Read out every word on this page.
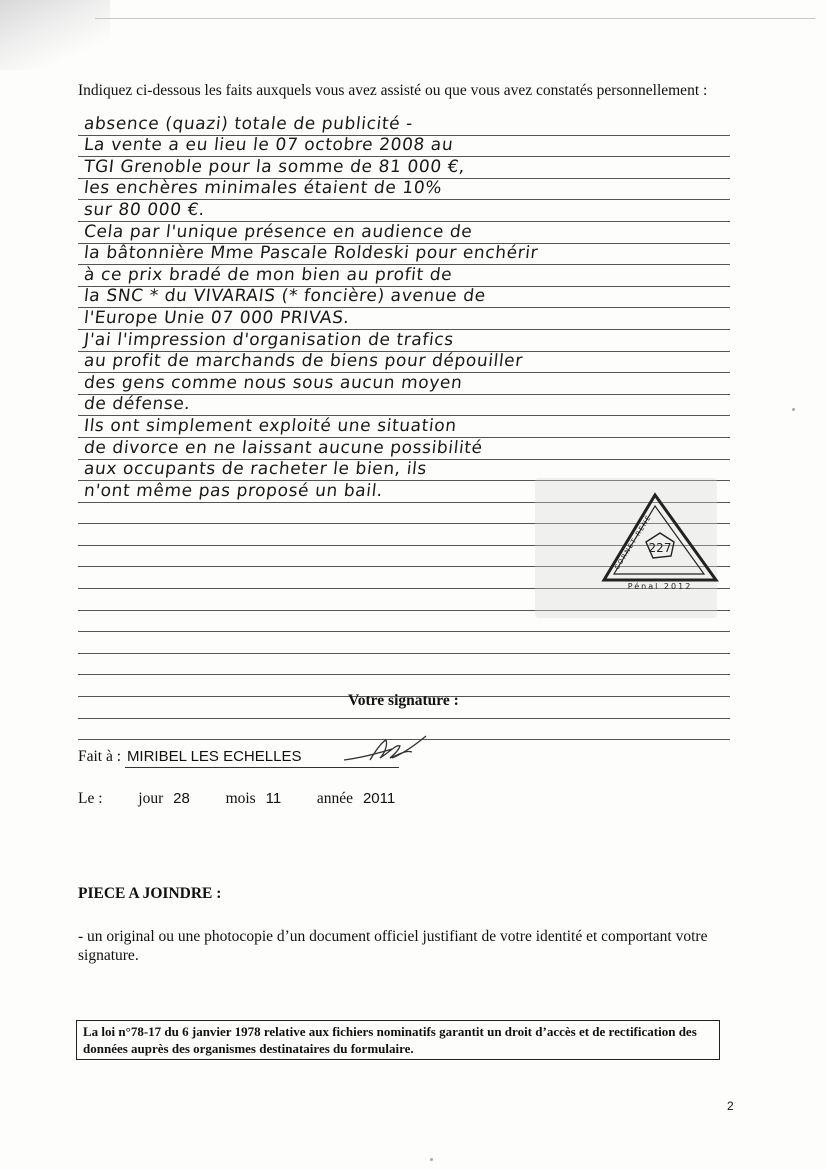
Indiquez ci-dessous les faits auxquels vous avez assisté ou que vous avez constatés personnellement :
absence (quazi) totale de publicité -
La vente a eu lieu le 07 octobre 2008 au
TGI Grenoble pour la somme de 81 000 €,
les enchères minimales étaient de 10%
sur 80 000 €.
Cela par l'unique présence en audience de
la bâtonnière Mme Pascale Roldeski pour enchérir
à ce prix bradé de mon bien au profit de
la SNC * du VIVARAIS (* foncière) avenue de
l'Europe Unie 07 000 PRIVAS.
J'ai l'impression d'organisation de trafics
au profit de marchands de biens pour dépouiller
des gens comme nous sous aucun moyen
de défense.
Ils ont simplement exploité une situation
de divorce en ne laissant aucune possibilité
aux occupants de racheter le bien, ils
n'ont même pas proposé un bail.
227
Pénal 2012
CORNET RENÉ
Votre signature :
Fait à : MIRIBEL LES ECHELLES
Le : jour 28 mois 11 année 2011
PIECE A JOINDRE :
- un original ou une photocopie d’un document officiel justifiant de votre identité et comportant votre signature.
La loi n°78-17 du 6 janvier 1978 relative aux fichiers nominatifs garantit un droit d’accès et de rectification des données auprès des organismes destinataires du formulaire.
2
